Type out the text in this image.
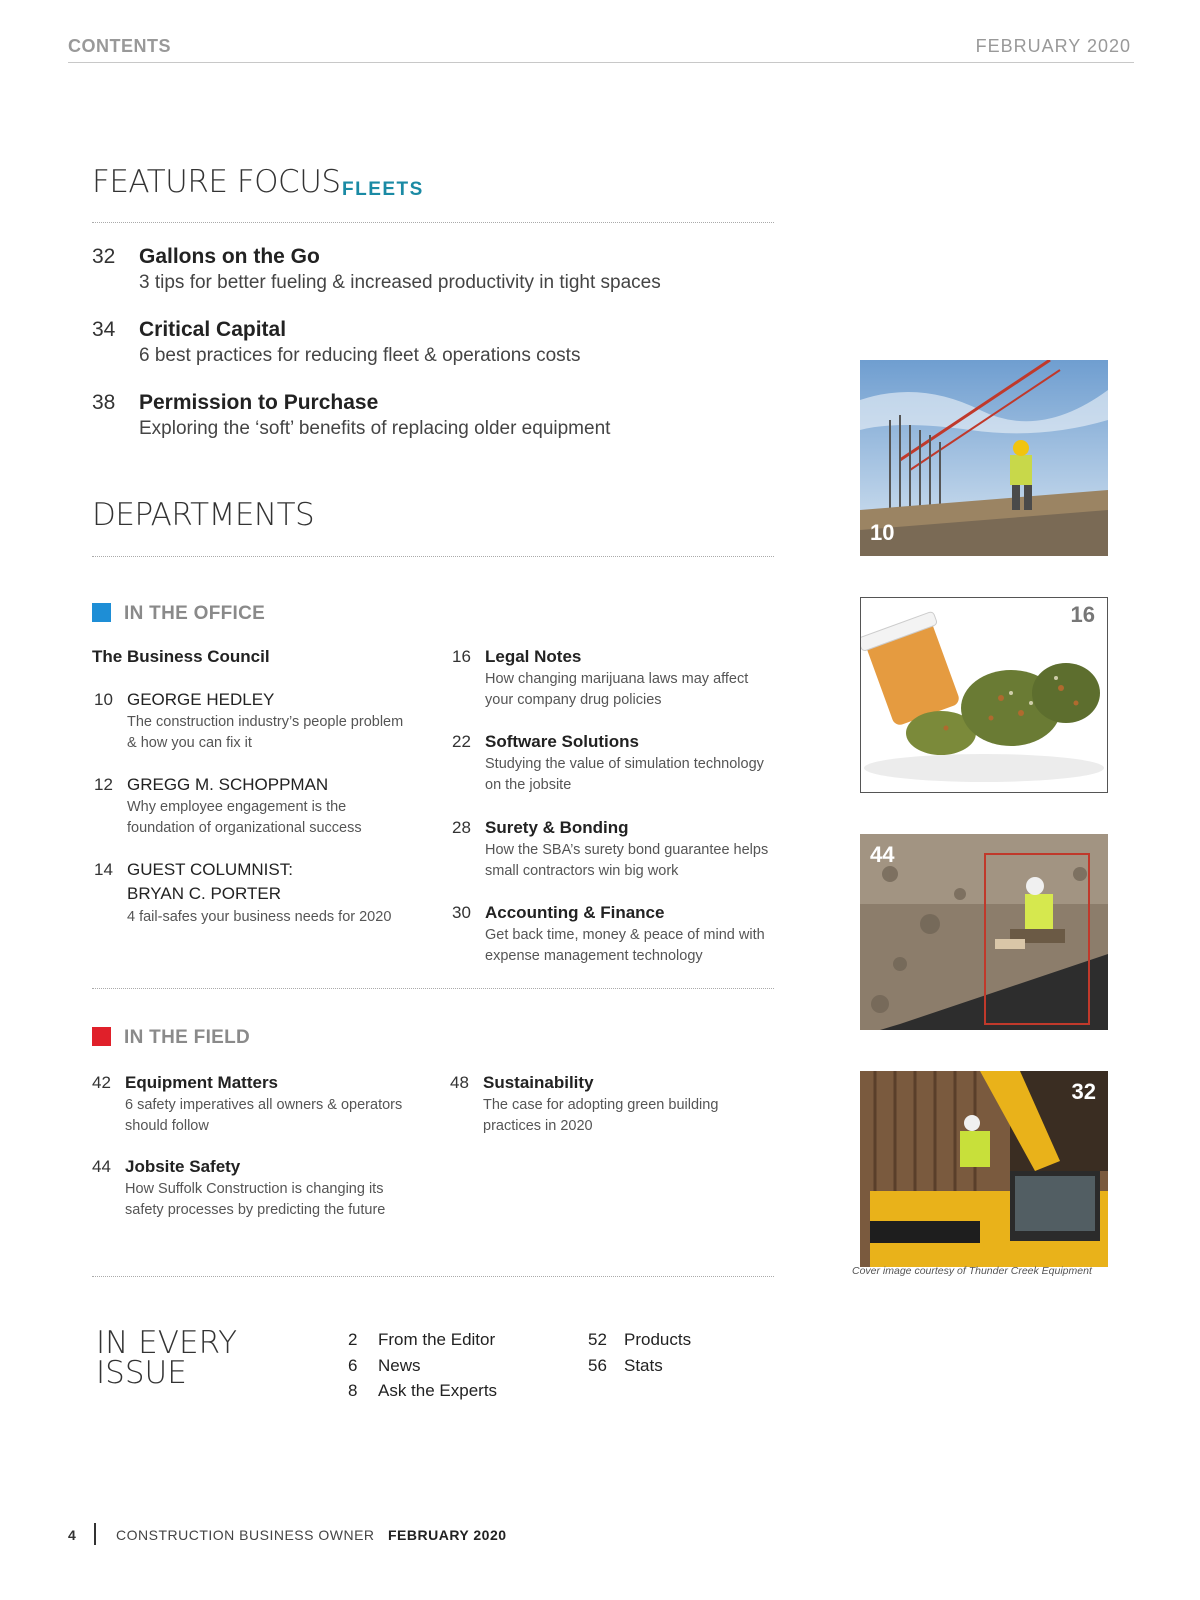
CONTENTS	FEBRUARY 2020
FEATURE FOCUS FLEETS
32 Gallons on the Go
3 tips for better fueling & increased productivity in tight spaces
34 Critical Capital
6 best practices for reducing fleet & operations costs
38 Permission to Purchase
Exploring the ‘soft’ benefits of replacing older equipment
DEPARTMENTS
IN THE OFFICE
The Business Council
10 GEORGE HEDLEY
The construction industry’s people problem
& how you can fix it
12 GREGG M. SCHOPPMAN
Why employee engagement is the
foundation of organizational success
14 GUEST COLUMNIST:
BRYAN C. PORTER
4 fail-safes your business needs for 2020
16 Legal Notes
How changing marijuana laws may affect
your company drug policies
22 Software Solutions
Studying the value of simulation technology
on the jobsite
28 Surety & Bonding
How the SBA’s surety bond guarantee helps
small contractors win big work
30 Accounting & Finance
Get back time, money & peace of mind with
expense management technology
IN THE FIELD
42 Equipment Matters
6 safety imperatives all owners & operators
should follow
44 Jobsite Safety
How Suffolk Construction is changing its
safety processes by predicting the future
48 Sustainability
The case for adopting green building
practices in 2020
IN EVERY
ISSUE
2 From the Editor
6 News
8 Ask the Experts
52 Products
56 Stats
10
16
44
32
Cover image courtesy of Thunder Creek Equipment
4	CONSTRUCTION BUSINESS OWNER FEBRUARY 2020
